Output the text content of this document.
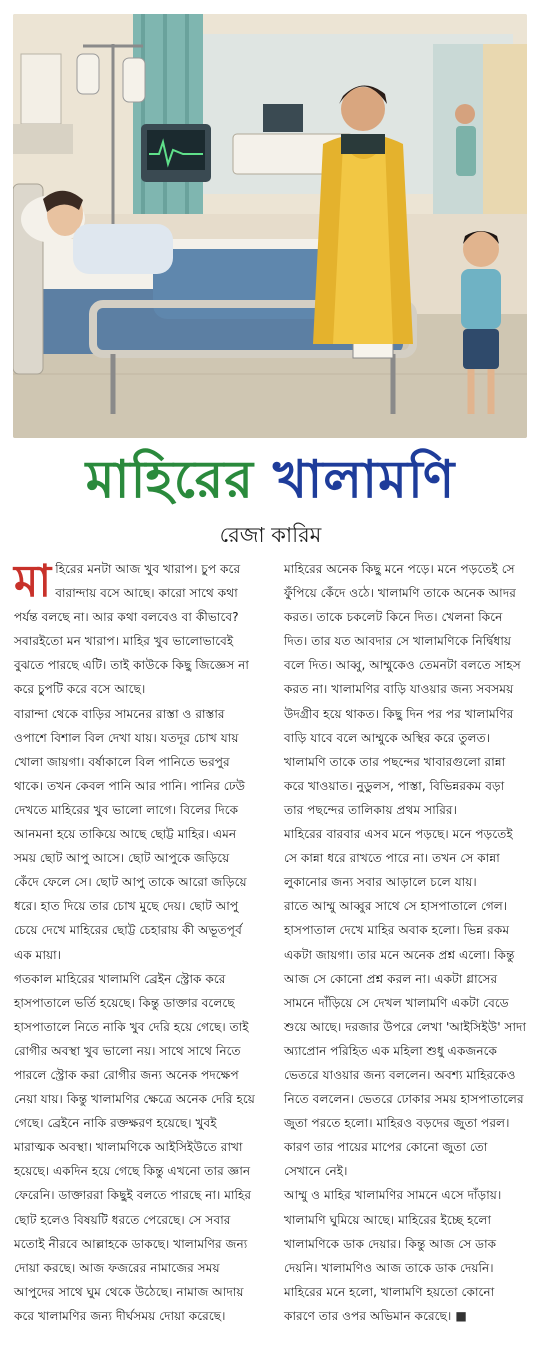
মাহিরের খালামণি
রেজা কারিম
মা হিরের মনটা আজ খুব খারাপ। চুপ করে বারান্দায় বসে আছে। কারো সাথে কথা পর্যন্ত বলছে না। আর কথা বলবেও বা কীভাবে? সবারইতো মন খারাপ। মাহির খুব ভালোভাবেই বুঝতে পারছে এটি। তাই কাউকে কিছু জিজ্ঞেস না করে চুপটি করে বসে আছে।

বারান্দা থেকে বাড়ির সামনের রাস্তা ও রাস্তার ওপাশে বিশাল বিল দেখা যায়। যতদূর চোখ যায় খোলা জায়গা। বর্ষাকালে বিল পানিতে ভরপুর থাকে। তখন কেবল পানি আর পানি। পানির ঢেউ দেখতে মাহিরের খুব ভালো লাগে। বিলের দিকে আনমনা হয়ে তাকিয়ে আছে ছোট্ট মাহির। এমন সময় ছোট আপু আসে। ছোট আপুকে জড়িয়ে কেঁদে ফেলে সে। ছোট আপু তাকে আরো জড়িয়ে ধরে। হাত দিয়ে তার চোখ মুছে দেয়। ছোট আপু চেয়ে দেখে মাহিরের ছোট্ট চেহারায় কী অভূতপূর্ব এক মায়া।

গতকাল মাহিরের খালামণি ব্রেইন স্ট্রোক করে হাসপাতালে ভর্তি হয়েছে। কিন্তু ডাক্তার বলেছে হাসপাতালে নিতে নাকি খুব দেরি হয়ে গেছে। তাই রোগীর অবস্থা খুব ভালো নয়। সাথে সাথে নিতে পারলে স্ট্রোক করা রোগীর জন্য অনেক পদক্ষেপ নেয়া যায়। কিন্তু খালামণির ক্ষেত্রে অনেক দেরি হয়ে গেছে। ব্রেইনে নাকি রক্তক্ষরণ হয়েছে। খুবই মারাত্মক অবস্থা। খালামণিকে আইসিইউতে রাখা হয়েছে। একদিন হয়ে গেছে কিন্তু এখনো তার জ্ঞান ফেরেনি। ডাক্তাররা কিছুই বলতে পারছে না। মাহির ছোট হলেও বিষয়টি ধরতে পেরেছে। সে সবার মতোই নীরবে আল্লাহকে ডাকছে। খালামণির জন্য দোয়া করছে। আজ ফজরের নামাজের সময় আপুদের সাথে ঘুম থেকে উঠেছে। নামাজ আদায় করে খালামণির জন্য দীর্ঘসময় দোয়া করেছে।

মাহিরের অনেক কিছু মনে পড়ে। মনে পড়তেই সে ফুঁপিয়ে কেঁদে ওঠে। খালামণি তাকে অনেক আদর করত। তাকে চকলেট কিনে দিত। খেলনা কিনে দিত। তার যত আবদার সে খালামণিকে নির্দ্বিধায় বলে দিত। আব্বু, আম্মুকেও তেমনটা বলতে সাহস করত না। খালামণির বাড়ি যাওয়ার জন্য সবসময় উদগ্রীব হয়ে থাকত। কিছু দিন পর পর খালামণির বাড়ি যাবে বলে আম্মুকে অস্থির করে তুলত। খালামণি তাকে তার পছন্দের খাবারগুলো রান্না করে খাওয়াত। নুডুলস, পাস্তা, বিভিন্নরকম বড়া তার পছন্দের তালিকায় প্রথম সারির।

মাহিরের বারবার এসব মনে পড়ছে। মনে পড়তেই সে কান্না ধরে রাখতে পারে না। তখন সে কান্না লুকানোর জন্য সবার আড়ালে চলে যায়।

রাতে আম্মু আব্বুর সাথে সে হাসপাতালে গেল। হাসপাতাল দেখে মাহির অবাক হলো। ভিন্ন রকম একটা জায়গা। তার মনে অনেক প্রশ্ন এলো। কিন্তু আজ সে কোনো প্রশ্ন করল না। একটা গ্লাসের সামনে দাঁড়িয়ে সে দেখল খালামণি একটা বেডে শুয়ে আছে। দরজার উপরে লেখা 'আইসিইউ' সাদা অ্যাপ্রোন পরিহিত এক মহিলা শুধু একজনকে ভেতরে যাওয়ার জন্য বললেন। অবশ্য মাহিরকেও নিতে বললেন। ভেতরে ঢোকার সময় হাসপাতালের জুতা পরতে হলো। মাহিরও বড়দের জুতা পরল। কারণ তার পায়ের মাপের কোনো জুতা তো সেখানে নেই।

আম্মু ও মাহির খালামণির সামনে এসে দাঁড়ায়। খালামণি ঘুমিয়ে আছে। মাহিরের ইচ্ছে হলো খালামণিকে ডাক দেয়ার। কিন্তু আজ সে ডাক দেয়নি। খালামণিও আজ তাকে ডাক দেয়নি। মাহিরের মনে হলো, খালামণি হয়তো কোনো কারণে তার ওপর অভিমান করেছে। ■
